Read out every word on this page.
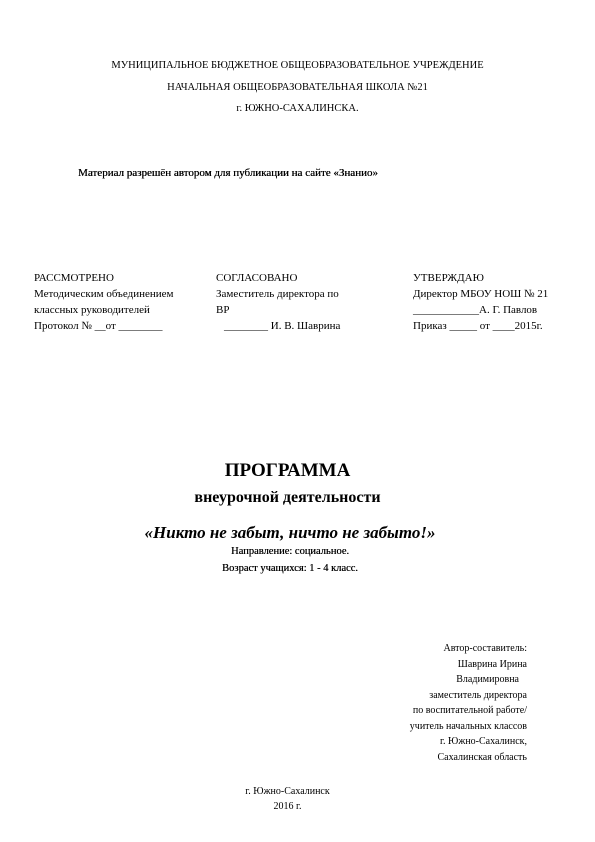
МУНИЦИПАЛЬНОЕ БЮДЖЕТНОЕ ОБЩЕОБРАЗОВАТЕЛЬНОЕ УЧРЕЖДЕНИЕ
НАЧАЛЬНАЯ ОБЩЕОБРАЗОВАТЕЛЬНАЯ ШКОЛА №21
г. ЮЖНО-САХАЛИНСКА.
Материал разрешён автором для публикации на сайте «Знанио»
РАССМОТРЕНО
Методическим объединением
классных руководителей
Протокол № __от ________
СОГЛАСОВАНО
Заместитель директора по
ВР
________ И. В. Шаврина
УТВЕРЖДАЮ
Директор МБОУ НОШ № 21
____________А. Г. Павлов
Приказ _____ от ____2015г.
ПРОГРАММА
внеурочной деятельности
«Никто не забыт, ничто не забыто!»
Направление: социальное.
Возраст учащихся: 1 - 4 класс.
Автор-составитель:
Шаврина Ирина
Владимировна
заместитель директора
по воспитательной работе/
учитель начальных классов
г. Южно-Сахалинск,
Сахалинская область
г. Южно-Сахалинск
2016 г.
